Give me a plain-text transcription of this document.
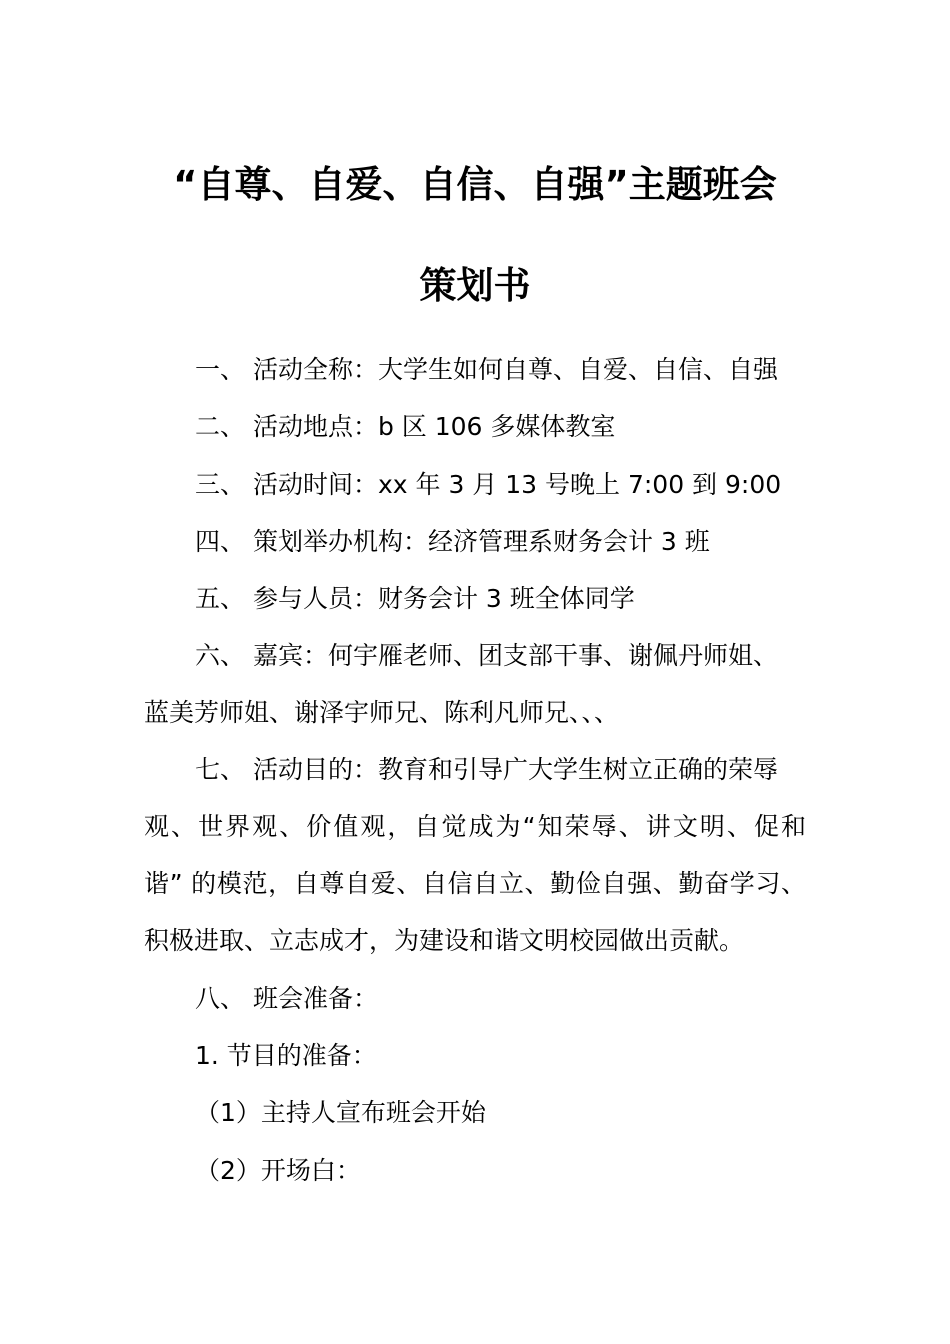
“自尊、自爱、自信、自强”主题班会
策划书
一、 活动全称：大学生如何自尊、自爱、自信、自强
二、 活动地点：b 区 106 多媒体教室
三、 活动时间：xx 年 3 月 13 号晚上 7:00 到 9:00
四、 策划举办机构：经济管理系财务会计 3 班
五、 参与人员：财务会计 3 班全体同学
六、 嘉宾：何宇雁老师、团支部干事、谢佩丹师姐、
蓝美芳师姐、谢泽宇师兄、陈利凡师兄、、、
七、 活动目的：教育和引导广大学生树立正确的荣辱
观、世界观、价值观，自觉成为“知荣辱、讲文明、促和
谐” 的模范，自尊自爱、自信自立、勤俭自强、勤奋学习、
积极进取、立志成才，为建设和谐文明校园做出贡献。
八、 班会准备：
1. 节目的准备：
（1）主持人宣布班会开始
（2）开场白：
